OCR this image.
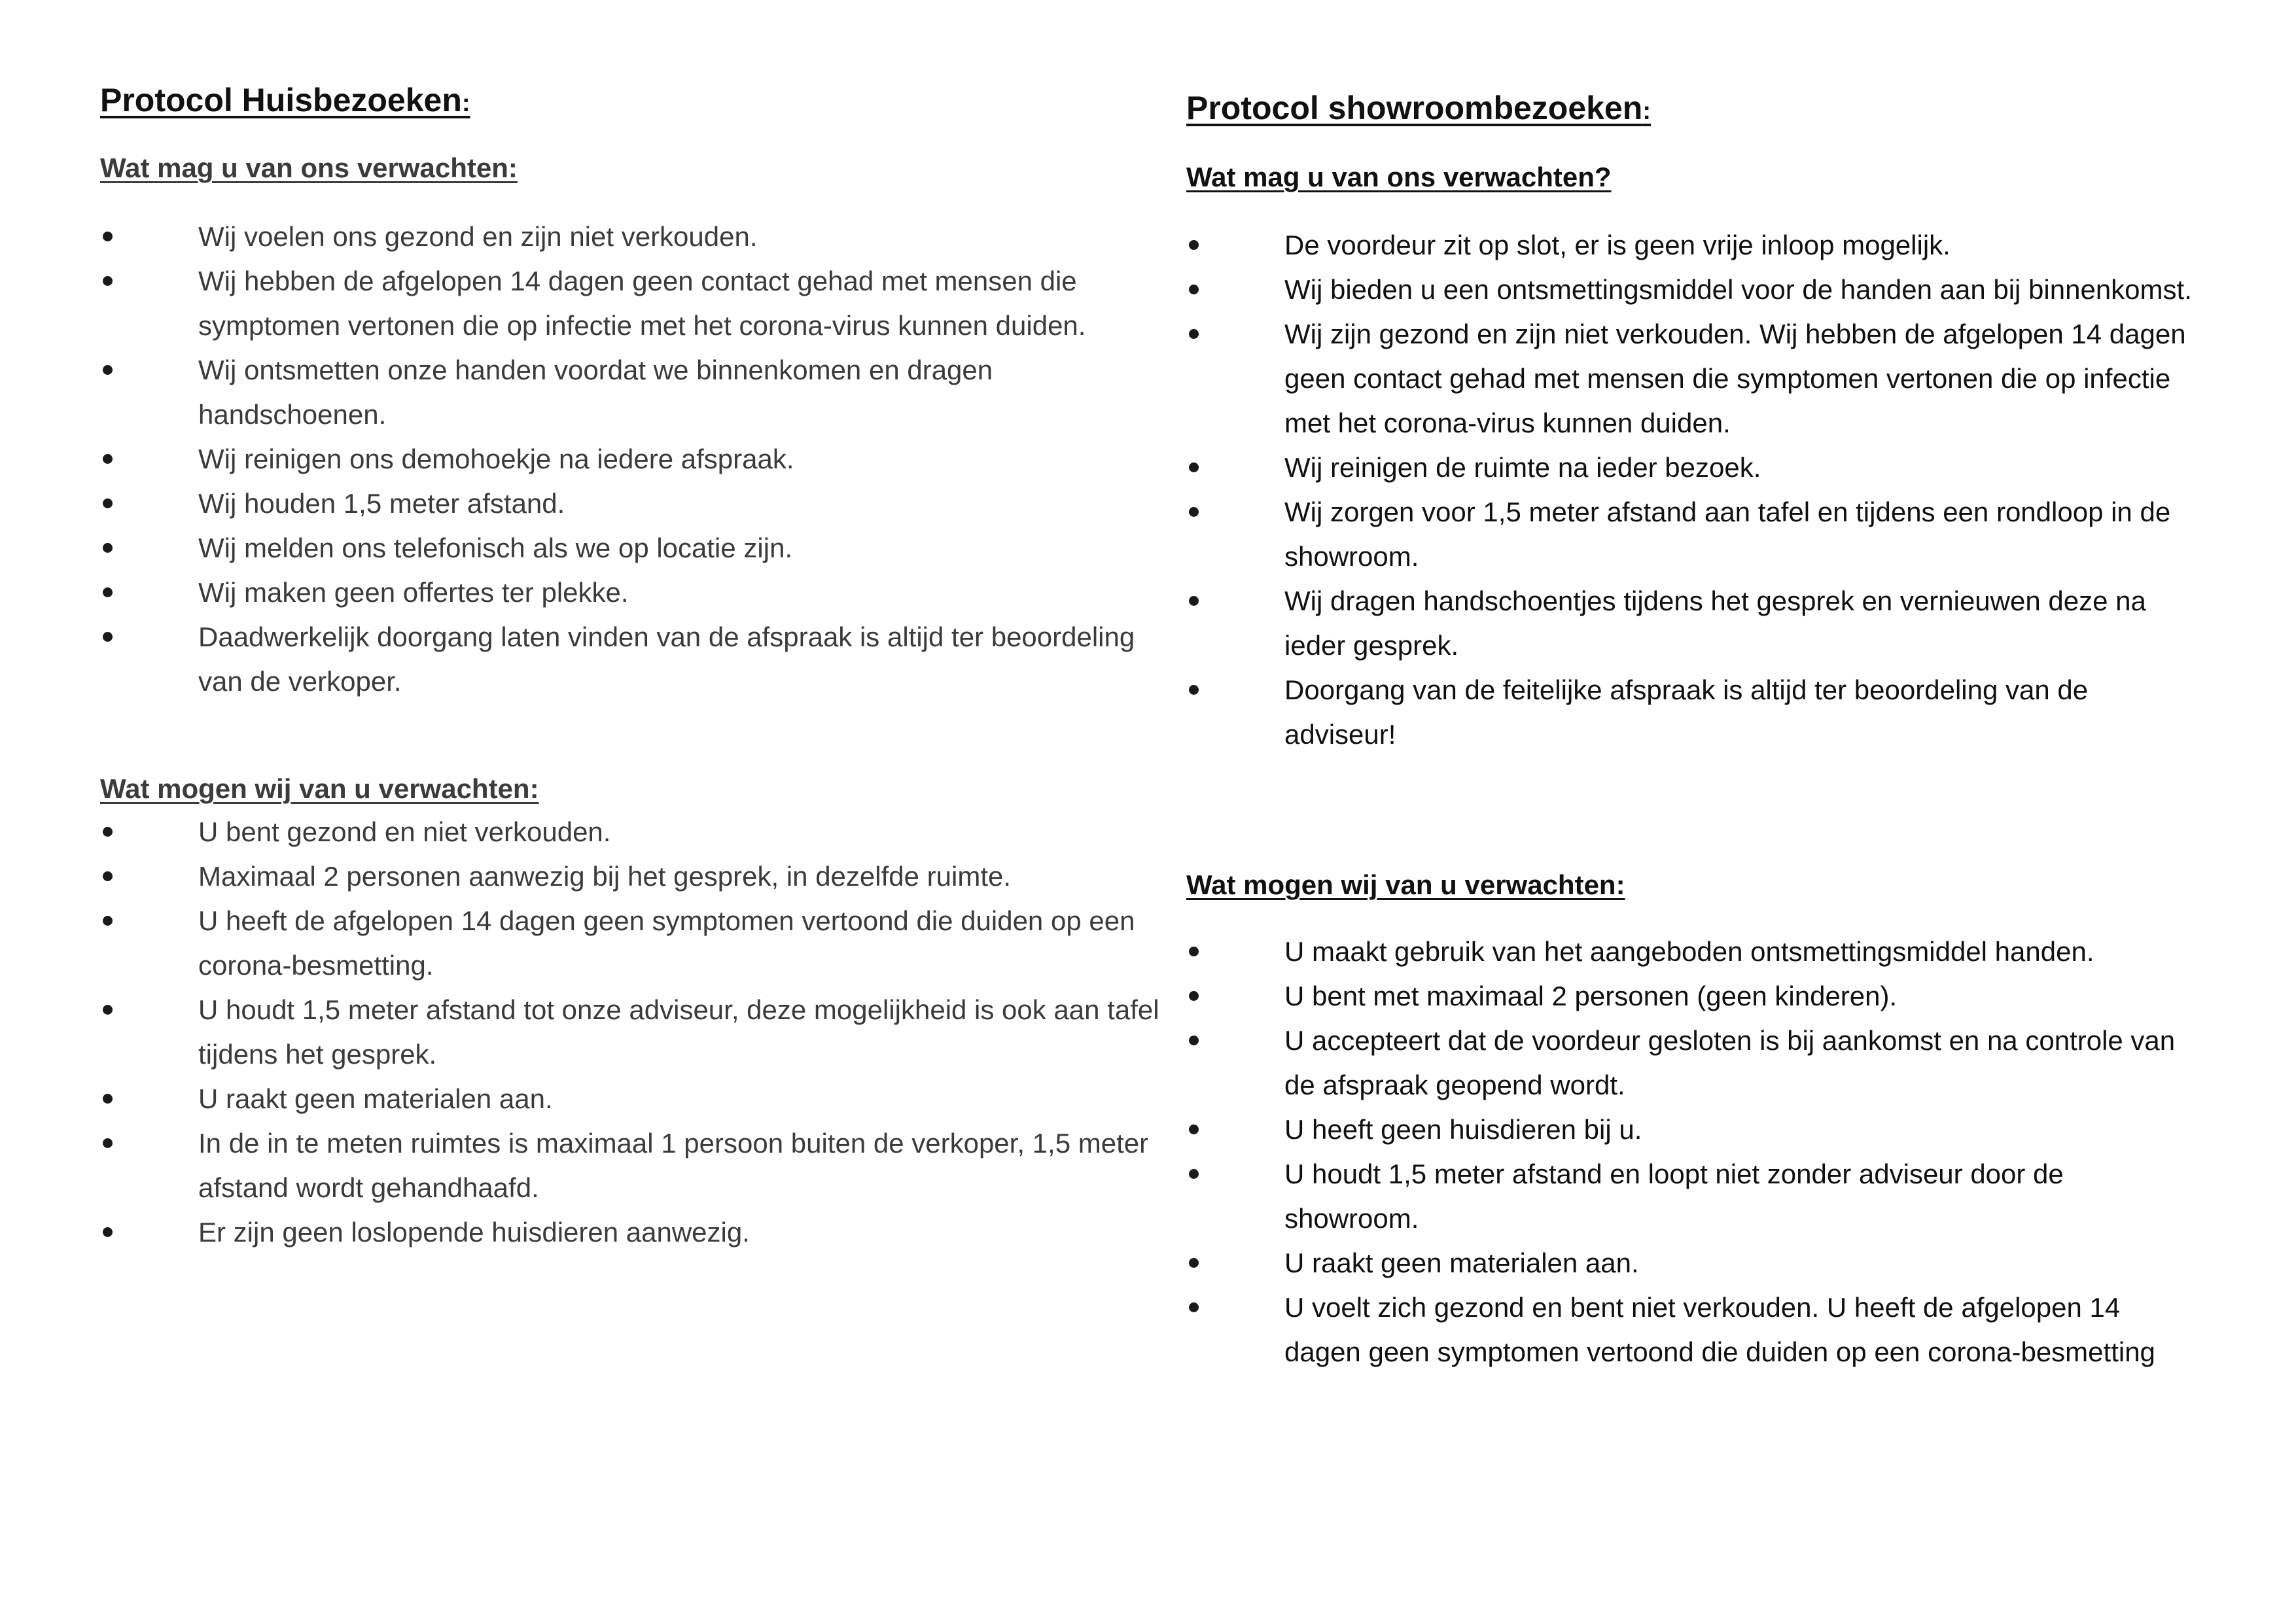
Protocol Huisbezoeken:
Wat mag u van ons verwachten:
Wij voelen ons gezond en zijn niet verkouden.
Wij hebben de afgelopen 14 dagen geen contact gehad met mensen die symptomen vertonen die op infectie met het corona-virus kunnen duiden.
Wij ontsmetten onze handen voordat we binnenkomen en dragen handschoenen.
Wij reinigen ons demohoekje na iedere afspraak.
Wij houden 1,5 meter afstand.
Wij melden ons telefonisch als we op locatie zijn.
Wij maken geen offertes ter plekke.
Daadwerkelijk doorgang laten vinden van de afspraak is altijd ter beoordeling van de verkoper.
Wat mogen wij van u verwachten:
U bent gezond en niet verkouden.
Maximaal 2 personen aanwezig bij het gesprek, in dezelfde ruimte.
U heeft de afgelopen 14 dagen geen symptomen vertoond die duiden op een corona-besmetting.
U houdt 1,5 meter afstand tot onze adviseur, deze mogelijkheid is ook aan tafel tijdens het gesprek.
U raakt geen materialen aan.
In de in te meten ruimtes is maximaal 1 persoon buiten de verkoper, 1,5 meter afstand wordt gehandhaafd.
Er zijn geen loslopende huisdieren aanwezig.
Protocol showroombezoeken:
Wat mag u van ons verwachten?
De voordeur zit op slot, er is geen vrije inloop mogelijk.
Wij bieden u een ontsmettingsmiddel voor de handen aan bij binnenkomst.
Wij zijn gezond en zijn niet verkouden. Wij hebben de afgelopen 14 dagen geen contact gehad met mensen die symptomen vertonen die op infectie met het corona-virus kunnen duiden.
Wij reinigen de ruimte na ieder bezoek.
Wij zorgen voor 1,5 meter afstand aan tafel en tijdens een rondloop in de showroom.
Wij dragen handschoentjes tijdens het gesprek en vernieuwen deze na ieder gesprek.
Doorgang van de feitelijke afspraak is altijd ter beoordeling van de adviseur!
Wat mogen wij van u verwachten:
U maakt gebruik van het aangeboden ontsmettingsmiddel handen.
U bent met maximaal 2 personen (geen kinderen).
U accepteert dat de voordeur gesloten is bij aankomst en na controle van de afspraak geopend wordt.
U heeft geen huisdieren bij u.
U houdt 1,5 meter afstand en loopt niet zonder adviseur door de showroom.
U raakt geen materialen aan.
U voelt zich gezond en bent niet verkouden. U heeft de afgelopen 14 dagen geen symptomen vertoond die duiden op een corona-besmetting
